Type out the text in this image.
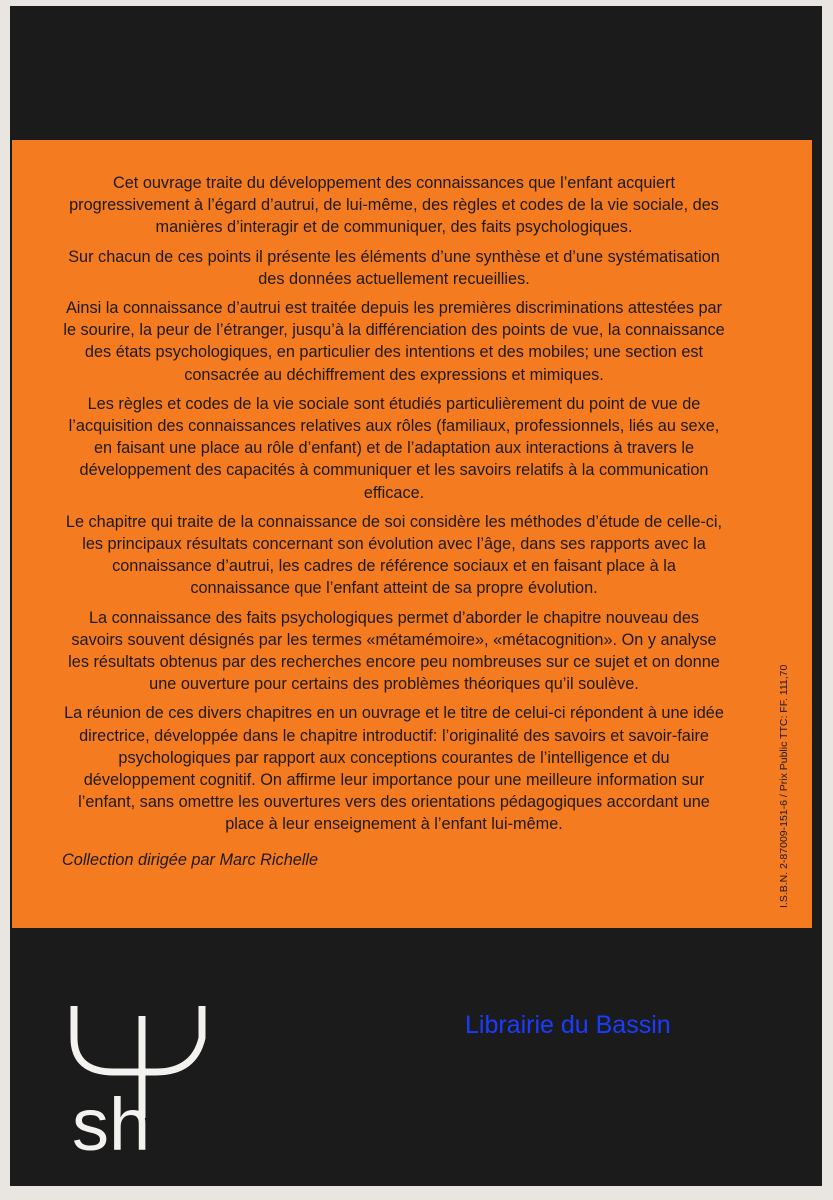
Cet ouvrage traite du développement des connaissances que l’enfant acquiert progressivement à l’égard d’autrui, de lui-même, des règles et codes de la vie sociale, des manières d’interagir et de communiquer, des faits psychologiques.

Sur chacun de ces points il présente les éléments d’une synthèse et d’une systématisation des données actuellement recueillies.

Ainsi la connaissance d’autrui est traitée depuis les premières discriminations attestées par le sourire, la peur de l’étranger, jusqu’à la différenciation des points de vue, la connaissance des états psychologiques, en particulier des intentions et des mobiles; une section est consacrée au déchiffrement des expressions et mimiques.

Les règles et codes de la vie sociale sont étudiés particulièrement du point de vue de l’acquisition des connaissances relatives aux rôles (familiaux, professionnels, liés au sexe, en faisant une place au rôle d’enfant) et de l’adaptation aux interactions à travers le développement des capacités à communiquer et les savoirs relatifs à la communication efficace.

Le chapitre qui traite de la connaissance de soi considère les méthodes d’étude de celle-ci, les principaux résultats concernant son évolution avec l’âge, dans ses rapports avec la connaissance d’autrui, les cadres de référence sociaux et en faisant place à la connaissance que l’enfant atteint de sa propre évolution.

La connaissance des faits psychologiques permet d’aborder le chapitre nouveau des savoirs souvent désignés par les termes «métamémoire», «métacognition». On y analyse les résultats obtenus par des recherches encore peu nombreuses sur ce sujet et on donne une ouverture pour certains des problèmes théoriques qu’il soulève.

La réunion de ces divers chapitres en un ouvrage et le titre de celui-ci répondent à une idée directrice, développée dans le chapitre introductif: l’originalité des savoirs et savoir-faire psychologiques par rapport aux conceptions courantes de l’intelligence et du développement cognitif. On affirme leur importance pour une meilleure information sur l’enfant, sans omettre les ouvertures vers des orientations pédagogiques accordant une place à leur enseignement à l’enfant lui-même.

Collection dirigée par Marc Richelle	I.S.B.N. 2-87009-151-6 / Prix Public TTC: FF. 111,70
sh
Librairie du Bassin
